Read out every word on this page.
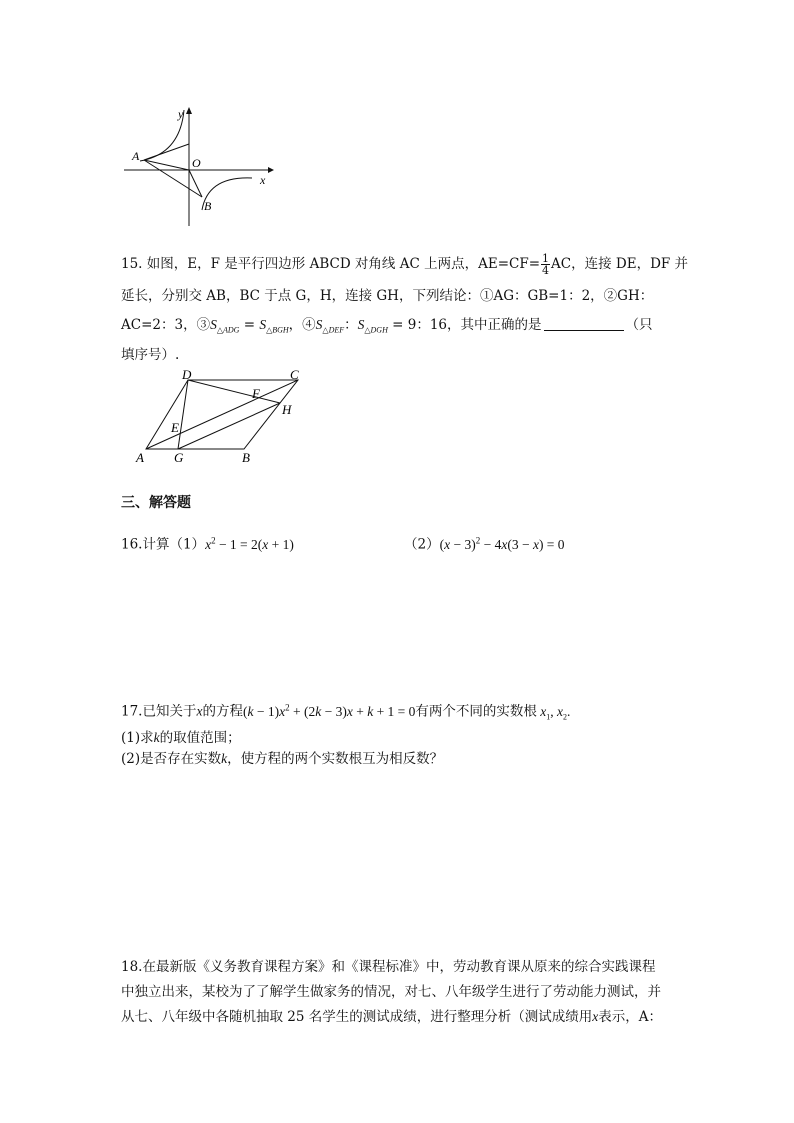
y
x
A	O
B
15. 如图，E，F 是平行四边形 ABCD 对角线 AC 上两点，$AE=CF= \frac{1}{4}$ AC，连接 DE，DF 并
延长，分别交 AB，BC 于点 G，H，连接 GH，下列结论：①AG：GB=1：2，②GH：
AC=2：3，$③S_{\triangle ADG} = S_{\triangle BGH}$，$④S_{\triangle DEF}$：$S_{\triangle DGH} = 9$：16，其中正确的是	（只
填序号）.
D	C
F
H
E
A G	B
三、解答题
16.计算$(1)x^2 - 1 = 2(x + 1)$	$(2)(x - 3)^2 - 4x(3 - x) = 0$
17.已知关于x的方程$(k - 1)x^2 + (2k - 3)x + k + 1 = 0$有两个不同的实数根 $x_1$, $x_2$.
(1)求k的取值范围；
(2)是否存在实数k，使方程的两个实数根互为相反数？
18.在最新版《义务教育课程方案》和《课程标准》中，劳动教育课从原来的综合实践课程
中独立出来，某校为了了解学生做家务的情况，对七、八年级学生进行了劳动能力测试，并
从七、八年级中各随机抽取 25 名学生的测试成绩，进行整理分析（测试成绩用x表示，A：
